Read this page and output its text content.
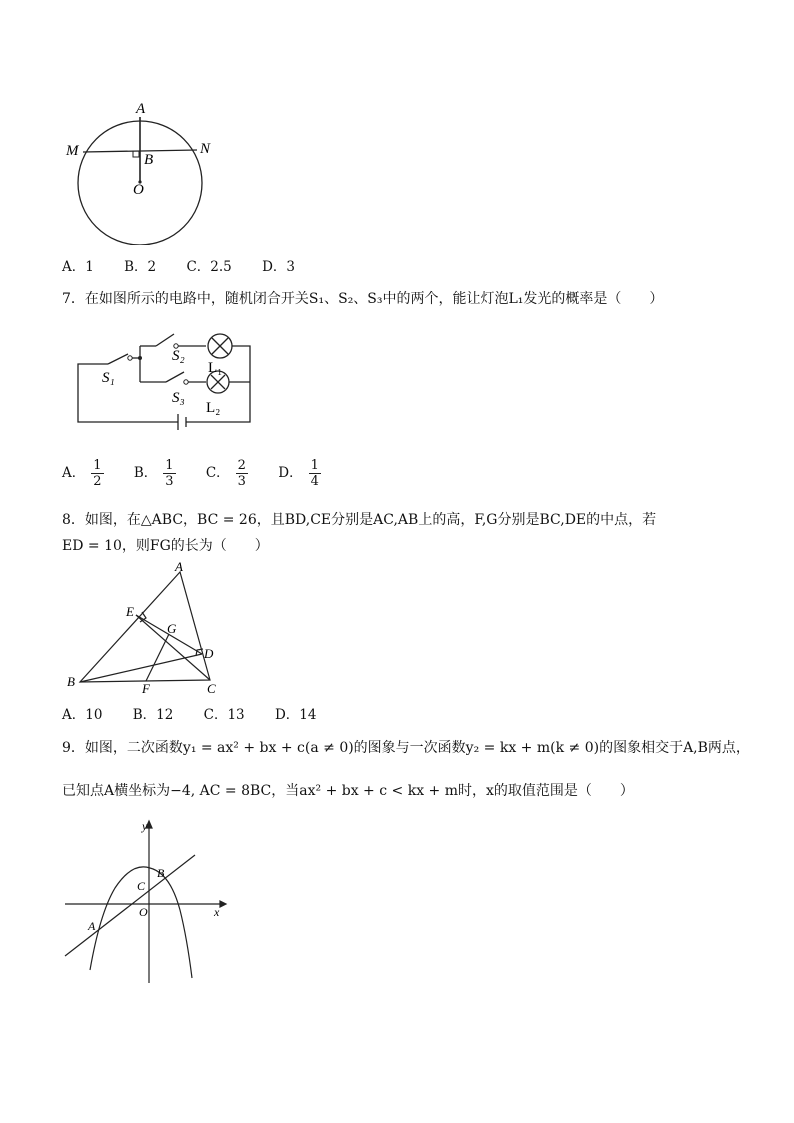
A
M	N
B
O
A．1 B．2 C．2.5 D．3
7．在如图所示的电路中，随机闭合开关S₁、S₂、S₃中的两个，能让灯泡L₁发光的概率是（　　）
S₁
S₂
S₃
L₁
L₂
A． $\frac{1}{2}$ B． $\frac{1}{3}$ C． $\frac{2}{3}$ D． $\frac{1}{4}$
8．如图，在△ABC，BC = 26，且BD,CE分别是AC,AB上的高，F,G分别是BC,DE的中点，若
ED = 10，则FG的长为（　　）
A
E
G
D
B	F	C
A．10 B．12 C．13 D．14
9．如图，二次函数y₁ = ax² + bx + c(a ≠ 0)的图象与一次函数y₂ = kx + m(k ≠ 0)的图象相交于A,B两点，
已知点A横坐标为−4, AC = 8BC，当ax² + bx + c < kx + m时，x的取值范围是（　　）
y
x
A
B
C
O
